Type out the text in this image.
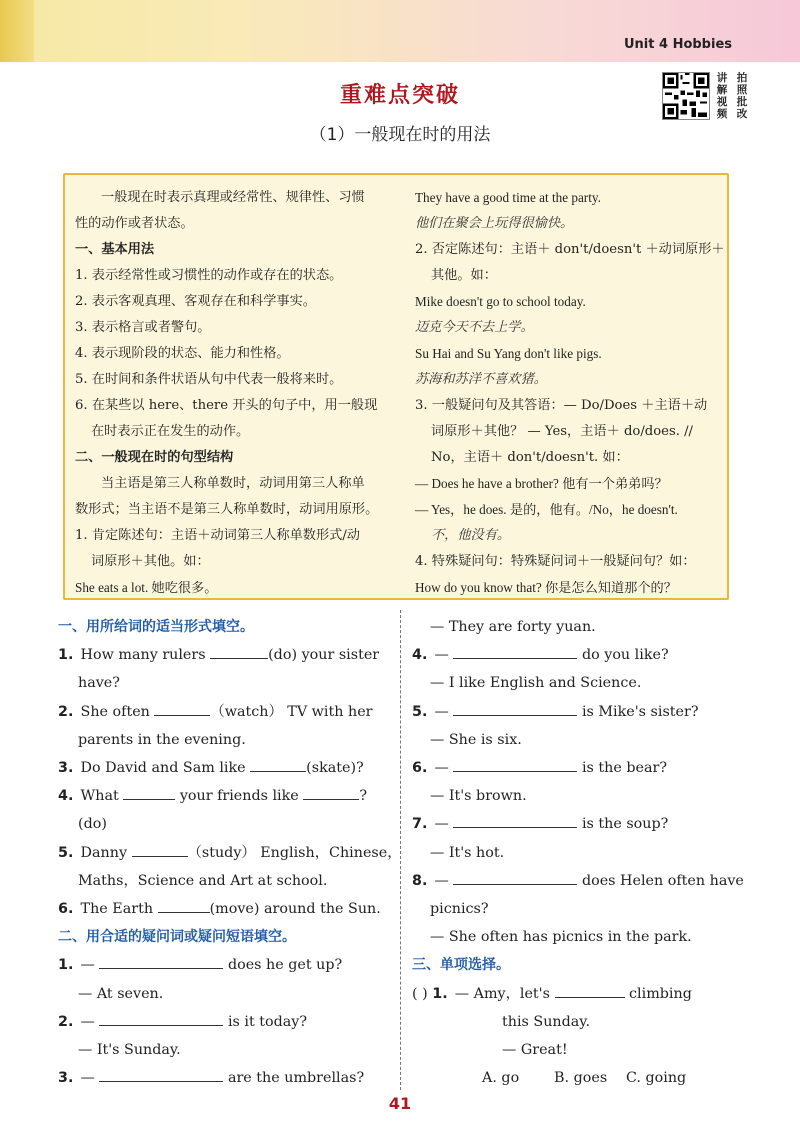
Unit 4 Hobbies
讲 拍
解 照
视 批
频 改
重难点突破
（1）一般现在时的用法
一般现在时表示真理或经常性、规律性、习惯
性的动作或者状态。
一、基本用法
1. 表示经常性或习惯性的动作或存在的状态。
2. 表示客观真理、客观存在和科学事实。
3. 表示格言或者警句。
4. 表示现阶段的状态、能力和性格。
5. 在时间和条件状语从句中代表一般将来时。
6. 在某些以 here、there 开头的句子中，用一般现
在时表示正在发生的动作。
二、一般现在时的句型结构
当主语是第三人称单数时，动词用第三人称单
数形式；当主语不是第三人称单数时，动词用原形。
1. 肯定陈述句：主语＋动词第三人称单数形式/动
词原形＋其他。如：
She eats a lot. 她吃很多。
They have a good time at the party.
他们在聚会上玩得很愉快。
2. 否定陈述句：主语＋ don't/doesn't ＋动词原形＋
其他。如：
Mike doesn't go to school today.
迈克今天不去上学。
Su Hai and Su Yang don't like pigs.
苏海和苏洋不喜欢猪。
3. 一般疑问句及其答语：— Do/Does ＋主语＋动
词原形＋其他？ — Yes，主语＋ do/does. //
No，主语＋ don't/doesn't. 如：
— Does he have a brother? 他有一个弟弟吗？
— Yes，he does. 是的，他有。/No，he doesn't.
不，他没有。
4. 特殊疑问句：特殊疑问词＋一般疑问句？如：
How do you know that? 你是怎么知道那个的？
一、用所给词的适当形式填空。
1. How many rulers	(do) your sister
have?
2. She often	（watch） TV with her
parents in the evening.
3. Do David and Sam like	(skate)?
4. What	your friends like	?
(do)
5. Danny	（study） English，Chinese，
Maths，Science and Art at school.
6. The Earth	(move) around the Sun.
二、用合适的疑问词或疑问短语填空。
1. —	does he get up?
— At seven.
2. —	is it today?
— It's Sunday.
3. —	are the umbrellas?
— They are forty yuan.
4. —	do you like?
— I like English and Science.
5. —	is Mike's sister?
— She is six.
6. —	is the bear?
— It's brown.
7. —	is the soup?
— It's hot.
8. —	does Helen often have
picnics?
— She often has picnics in the park.
三、单项选择。
( ) 1. — Amy，let's	climbing
this Sunday.
— Great!
A. go B. goes C. going
41
